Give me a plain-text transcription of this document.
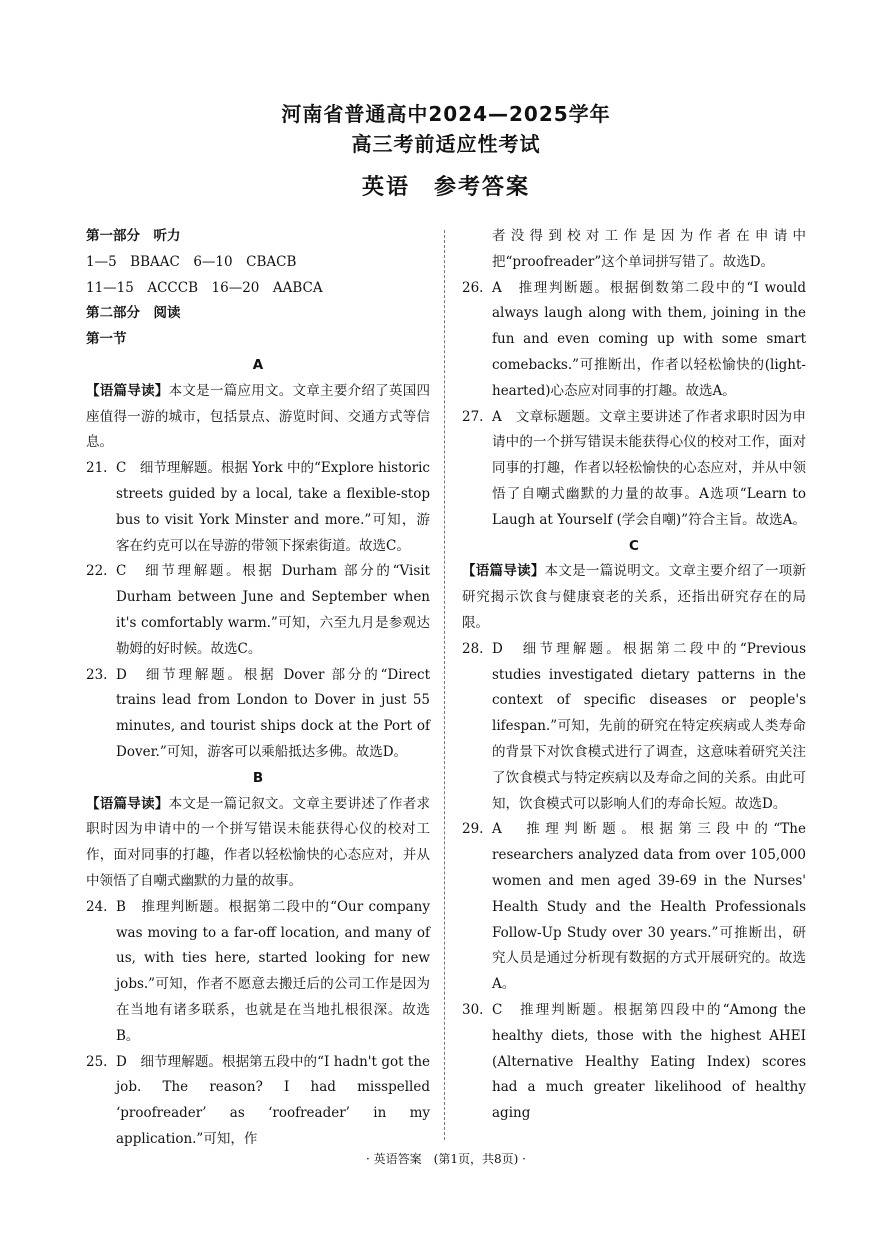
河南省普通高中2024—2025学年
高三考前适应性考试
英语　参考答案
第一部分　听力
1—5　BBAAC　6—10　CBACB
11—15　ACCCB　16—20　AABCA
第二部分　阅读
第一节
A
【语篇导读】本文是一篇应用文。文章主要介绍了英国四座值得一游的城市，包括景点、游览时间、交通方式等信息。
21. C　细节理解题。根据 York 中的“Explore historic streets guided by a local, take a flexible-stop bus to visit York Minster and more.”可知，游客在约克可以在导游的带领下探索街道。故选C。
22. C　细节理解题。根据 Durham 部分的“Visit Durham between June and September when it's comfortably warm.”可知，六至九月是参观达勒姆的好时候。故选C。
23. D　细节理解题。根据 Dover 部分的“Direct trains lead from London to Dover in just 55 minutes, and tourist ships dock at the Port of Dover.”可知，游客可以乘船抵达多佛。故选D。
B
【语篇导读】本文是一篇记叙文。文章主要讲述了作者求职时因为申请中的一个拼写错误未能获得心仪的校对工作，面对同事的打趣，作者以轻松愉快的心态应对，并从中领悟了自嘲式幽默的力量的故事。
24. B　推理判断题。根据第二段中的“Our company was moving to a far-off location, and many of us, with ties here, started looking for new jobs.”可知，作者不愿意去搬迁后的公司工作是因为在当地有诸多联系，也就是在当地扎根很深。故选B。
25. D　细节理解题。根据第五段中的“I hadn't got the job. The reason? I had misspelled ‘proofreader’ as ‘roofreader’ in my application.”可知，作
者没得到校对工作是因为作者在申请中把“proofreader”这个单词拼写错了。故选D。
26. A　推理判断题。根据倒数第二段中的“I would always laugh along with them, joining in the fun and even coming up with some smart comebacks.”可推断出，作者以轻松愉快的(light-hearted)心态应对同事的打趣。故选A。
27. A　文章标题题。文章主要讲述了作者求职时因为申请中的一个拼写错误未能获得心仪的校对工作，面对同事的打趣，作者以轻松愉快的心态应对，并从中领悟了自嘲式幽默的力量的故事。A选项“Learn to Laugh at Yourself (学会自嘲)”符合主旨。故选A。
C
【语篇导读】本文是一篇说明文。文章主要介绍了一项新研究揭示饮食与健康衰老的关系，还指出研究存在的局限。
28. D　细节理解题。根据第二段中的“Previous studies investigated dietary patterns in the context of specific diseases or people's lifespan.”可知，先前的研究在特定疾病或人类寿命的背景下对饮食模式进行了调查，这意味着研究关注了饮食模式与特定疾病以及寿命之间的关系。由此可知，饮食模式可以影响人们的寿命长短。故选D。
29. A　推理判断题。根据第三段中的“The researchers analyzed data from over 105,000 women and men aged 39-69 in the Nurses' Health Study and the Health Professionals Follow-Up Study over 30 years.”可推断出，研究人员是通过分析现有数据的方式开展研究的。故选A。
30. C　推理判断题。根据第四段中的“Among the healthy diets, those with the highest AHEI (Alternative Healthy Eating Index) scores had a much greater likelihood of healthy aging
· 英语答案　(第1页，共8页) ·
